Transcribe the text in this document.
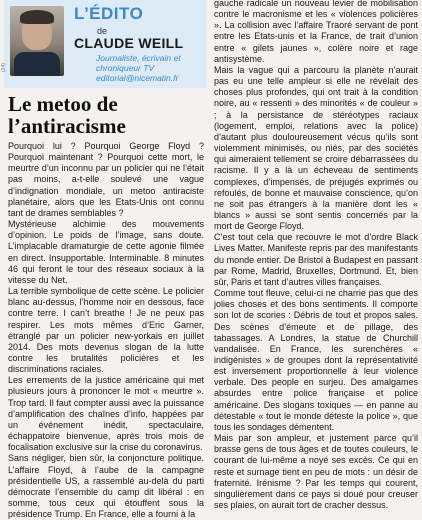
L’ÉDITO
de
CLAUDE WEILL
Journaliste, écrivain et chroniqueur TV
editorial@nicematin.fr
(24)
Le metoo de l’antiracisme

Pourquoi lui ? Pourquoi George Floyd ? Pourquoi maintenant ? Pourquoi cette mort, le meurtre d’un inconnu par un policier qui ne l’était pas moins, a-t-elle soulevé une vague d’indignation mondiale, un metoo antiraciste planétaire, alors que les Etats-Unis ont connu tant de drames semblables ?

Mystérieuse alchimie des mouvements d’opinion. Le poids de l’image, sans doute. L’implacable dramaturgie de cette agonie filmée en direct. Insupportable. Interminable. 8 minutes 46 qui feront le tour des réseaux sociaux à la vitesse du Net.

La terrible symbolique de cette scène. Le policier blanc au-dessus, l’homme noir en dessous, face contre terre. I can’t breathe ! Je ne peux pas respirer. Les mots mêmes d’Eric Garner, étranglé par un policier new-yorkais en juillet 2014. Des mots devenus slogan de la lutte contre les brutalités policières et les discriminations raciales.

Les errements de la justice américaine qui met plusieurs jours à prononcer le mot « meurtre ». Trop tard. Il faut compter aussi avec la puissance d’amplification des chaînes d’info, happées par un événement inédit, spectaculaire, échappatoire bienvenue, après trois mois de focalisation exclusive sur la crise du coronavirus.

Sans négliger, bien sûr, la conjoncture politique. L’affaire Floyd, à l’aube de la campagne présidentielle US, a rassemblé au-delà du parti démocrate l’ensemble du camp dit libéral : en somme, tous ceux qui étouffent sous la présidence Trump. En France, elle a fourni à la

gauche radicale un nouveau levier de mobilisation contre le macronisme et les « violences policières ». La collision avec l’affaire Traoré servant de pont entre les Etats-unis et la France, de trait d’union entre « gilets jaunes », colère noire et rage antisystème.

Mais la vague qui a parcouru la planète n’aurait pas eu une telle ampleur si elle ne révélait des choses plus profondes, qui ont trait à la condition noire, au « ressenti » des minorités « de couleur » ; à la persistance de stéréotypes raciaux (logement, emploi, relations avec la police) d’autant plus douloureusement vécus qu’ils sont violemment minimisés, ou niés, par des sociétés qui aimeraient tellement se croire débarrassées du racisme. Il y a là un écheveau de sentiments complexes, d’impensés, de préjugés exprimés ou refoulés, de bonne et mauvaise conscience, qu’on ne soit pas étrangers à la manière dont les « blancs » aussi se sont sentis concernés par la mort de George Floyd.

C’est tout cela que recouvre le mot d’ordre Black Lives Matter. Manifeste repris par des manifestants du monde entier. De Bristol à Budapest en passant par Rome, Madrid, Bruxelles, Dortmund. Et, bien sûr, Paris et tant d’autres villes françaises.

Comme tout fleuve, celui-ci ne charrie pas que des jolies choses et des bons sentiments. Il comporte son lot de scories : Débris de tout et propos sales. Des scènes d’émeute et de pillage, des tabassages. A Londres, la statue de Churchill vandalisée. En France, les surenchères « indigénistes » de groupes dont la représentativité est inversement proportionnelle à leur violence verbale. Des people en surjeu. Des amalgames absurdes entre police française et police américaine. Des slogans toxiques — en panne au détestable « tout le monde déteste la police », que tous les sondages démentent.

Mais par son ampleur, et justement parce qu’il brasse gens de tous âges et de toutes couleurs, le courant de lui-même a noyé ses excès. Ce qui en reste et surnage tient en peu de mots : un désir de fraternité. Irénisme ? Par les temps qui courent, singulièrement dans ce pays si doué pour creuser ses plaies, on aurait tort de cracher dessus.
